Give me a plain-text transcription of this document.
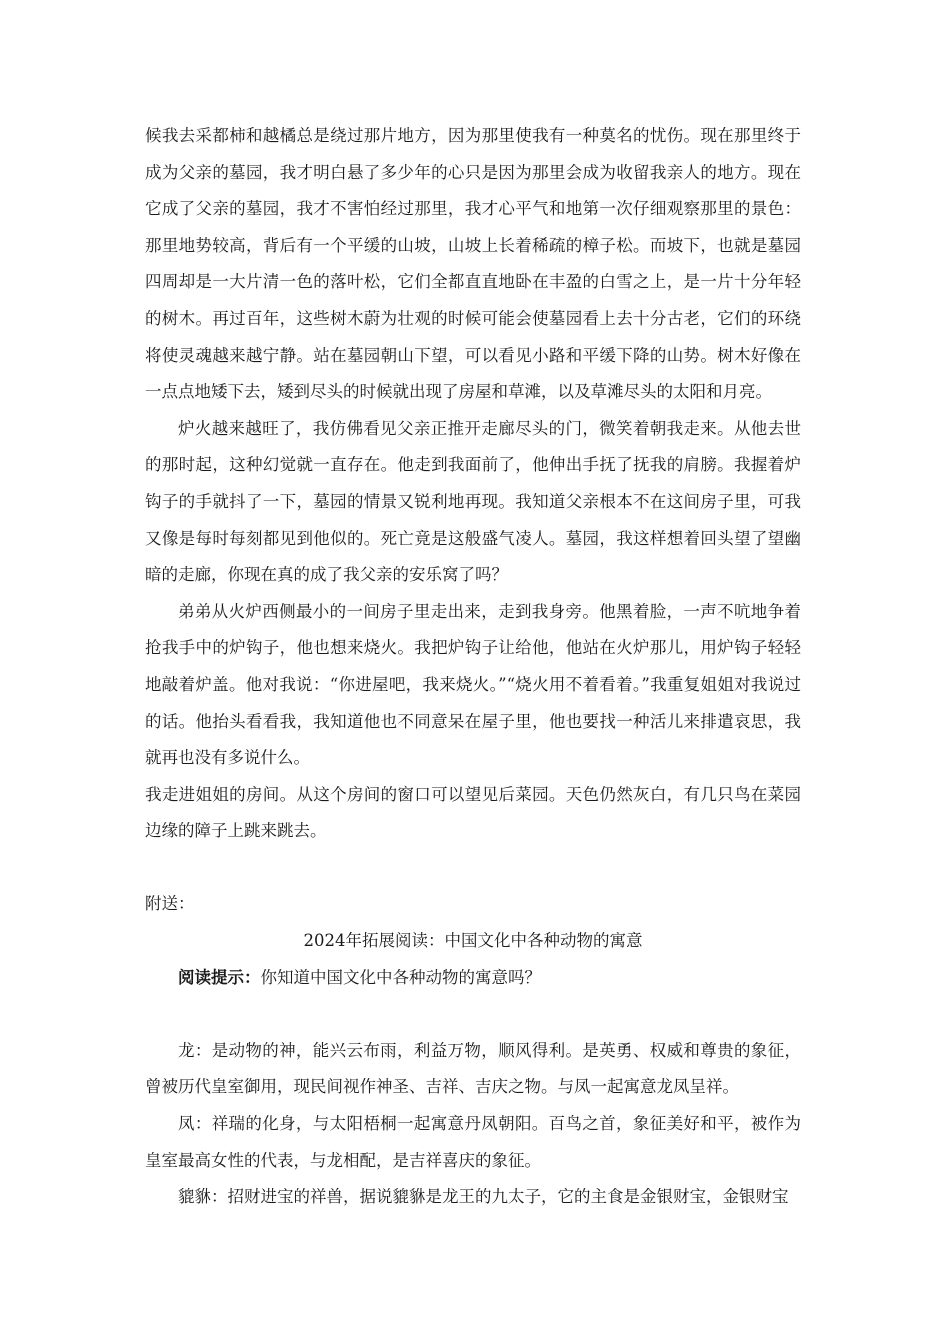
候我去采都柿和越橘总是绕过那片地方，因为那里使我有一种莫名的忧伤。现在那里终于成为父亲的墓园，我才明白悬了多少年的心只是因为那里会成为收留我亲人的地方。现在它成了父亲的墓园，我才不害怕经过那里，我才心平气和地第一次仔细观察那里的景色：那里地势较高，背后有一个平缓的山坡，山坡上长着稀疏的樟子松。而坡下，也就是墓园四周却是一大片清一色的落叶松，它们全都直直地卧在丰盈的白雪之上，是一片十分年轻的树木。再过百年，这些树木蔚为壮观的时候可能会使墓园看上去十分古老，它们的环绕将使灵魂越来越宁静。站在墓园朝山下望，可以看见小路和平缓下降的山势。树木好像在一点点地矮下去，矮到尽头的时候就出现了房屋和草滩，以及草滩尽头的太阳和月亮。

炉火越来越旺了，我仿佛看见父亲正推开走廊尽头的门，微笑着朝我走来。从他去世的那时起，这种幻觉就一直存在。他走到我面前了，他伸出手抚了抚我的肩膀。我握着炉钩子的手就抖了一下，墓园的情景又锐利地再现。我知道父亲根本不在这间房子里，可我又像是每时每刻都见到他似的。死亡竟是这般盛气凌人。墓园，我这样想着回头望了望幽暗的走廊，你现在真的成了我父亲的安乐窝了吗？

弟弟从火炉西侧最小的一间房子里走出来，走到我身旁。他黑着脸，一声不吭地争着抢我手中的炉钩子，他也想来烧火。我把炉钩子让给他，他站在火炉那儿，用炉钩子轻轻地敲着炉盖。他对我说：“你进屋吧，我来烧火。”“烧火用不着看着。”我重复姐姐对我说过的话。他抬头看看我，我知道他也不同意呆在屋子里，他也要找一种活儿来排遣哀思，我就再也没有多说什么。

我走进姐姐的房间。从这个房间的窗口可以望见后菜园。天色仍然灰白，有几只鸟在菜园边缘的障子上跳来跳去。

附送：

2024年拓展阅读：中国文化中各种动物的寓意

阅读提示：你知道中国文化中各种动物的寓意吗？

龙：是动物的神，能兴云布雨，利益万物，顺风得利。是英勇、权威和尊贵的象征，曾被历代皇室御用，现民间视作神圣、吉祥、吉庆之物。与凤一起寓意龙凤呈祥。

凤：祥瑞的化身，与太阳梧桐一起寓意丹凤朝阳。百鸟之首，象征美好和平，被作为皇室最高女性的代表，与龙相配，是吉祥喜庆的象征。

貔貅：招财进宝的祥兽，据说貔貅是龙王的九太子，它的主食是金银财宝，金银财宝
